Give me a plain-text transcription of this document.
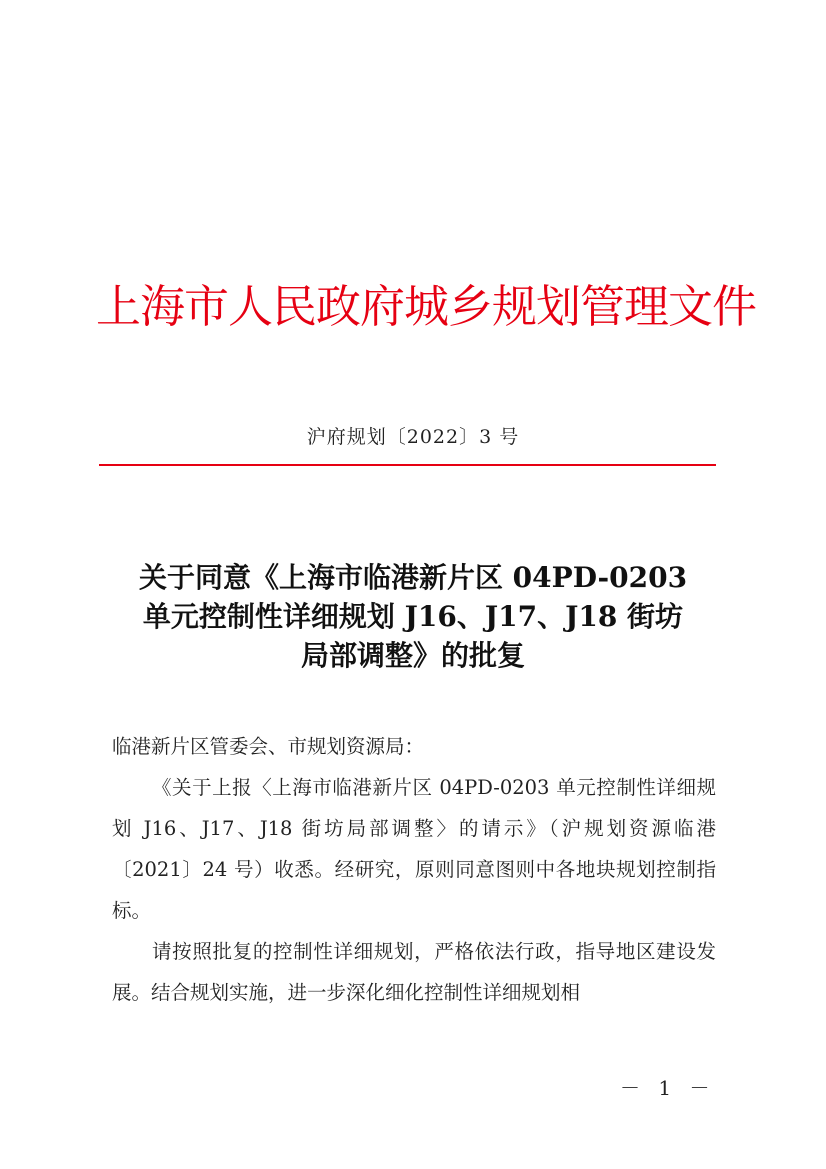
上海市人民政府城乡规划管理文件
沪府规划〔2022〕3 号
关于同意《上海市临港新片区 04PD-0203
单元控制性详细规划 J16、J17、J18 街坊
局部调整》的批复

临港新片区管委会、市规划资源局：

《关于上报〈上海市临港新片区 04PD-0203 单元控制性详细规划 J16、J17、J18 街坊局部调整〉的请示》（沪规划资源临港〔2021〕24 号）收悉。经研究，原则同意图则中各地块规划控制指标。

请按照批复的控制性详细规划，严格依法行政，指导地区建设发展。结合规划实施，进一步深化细化控制性详细规划相

－ 1 －
